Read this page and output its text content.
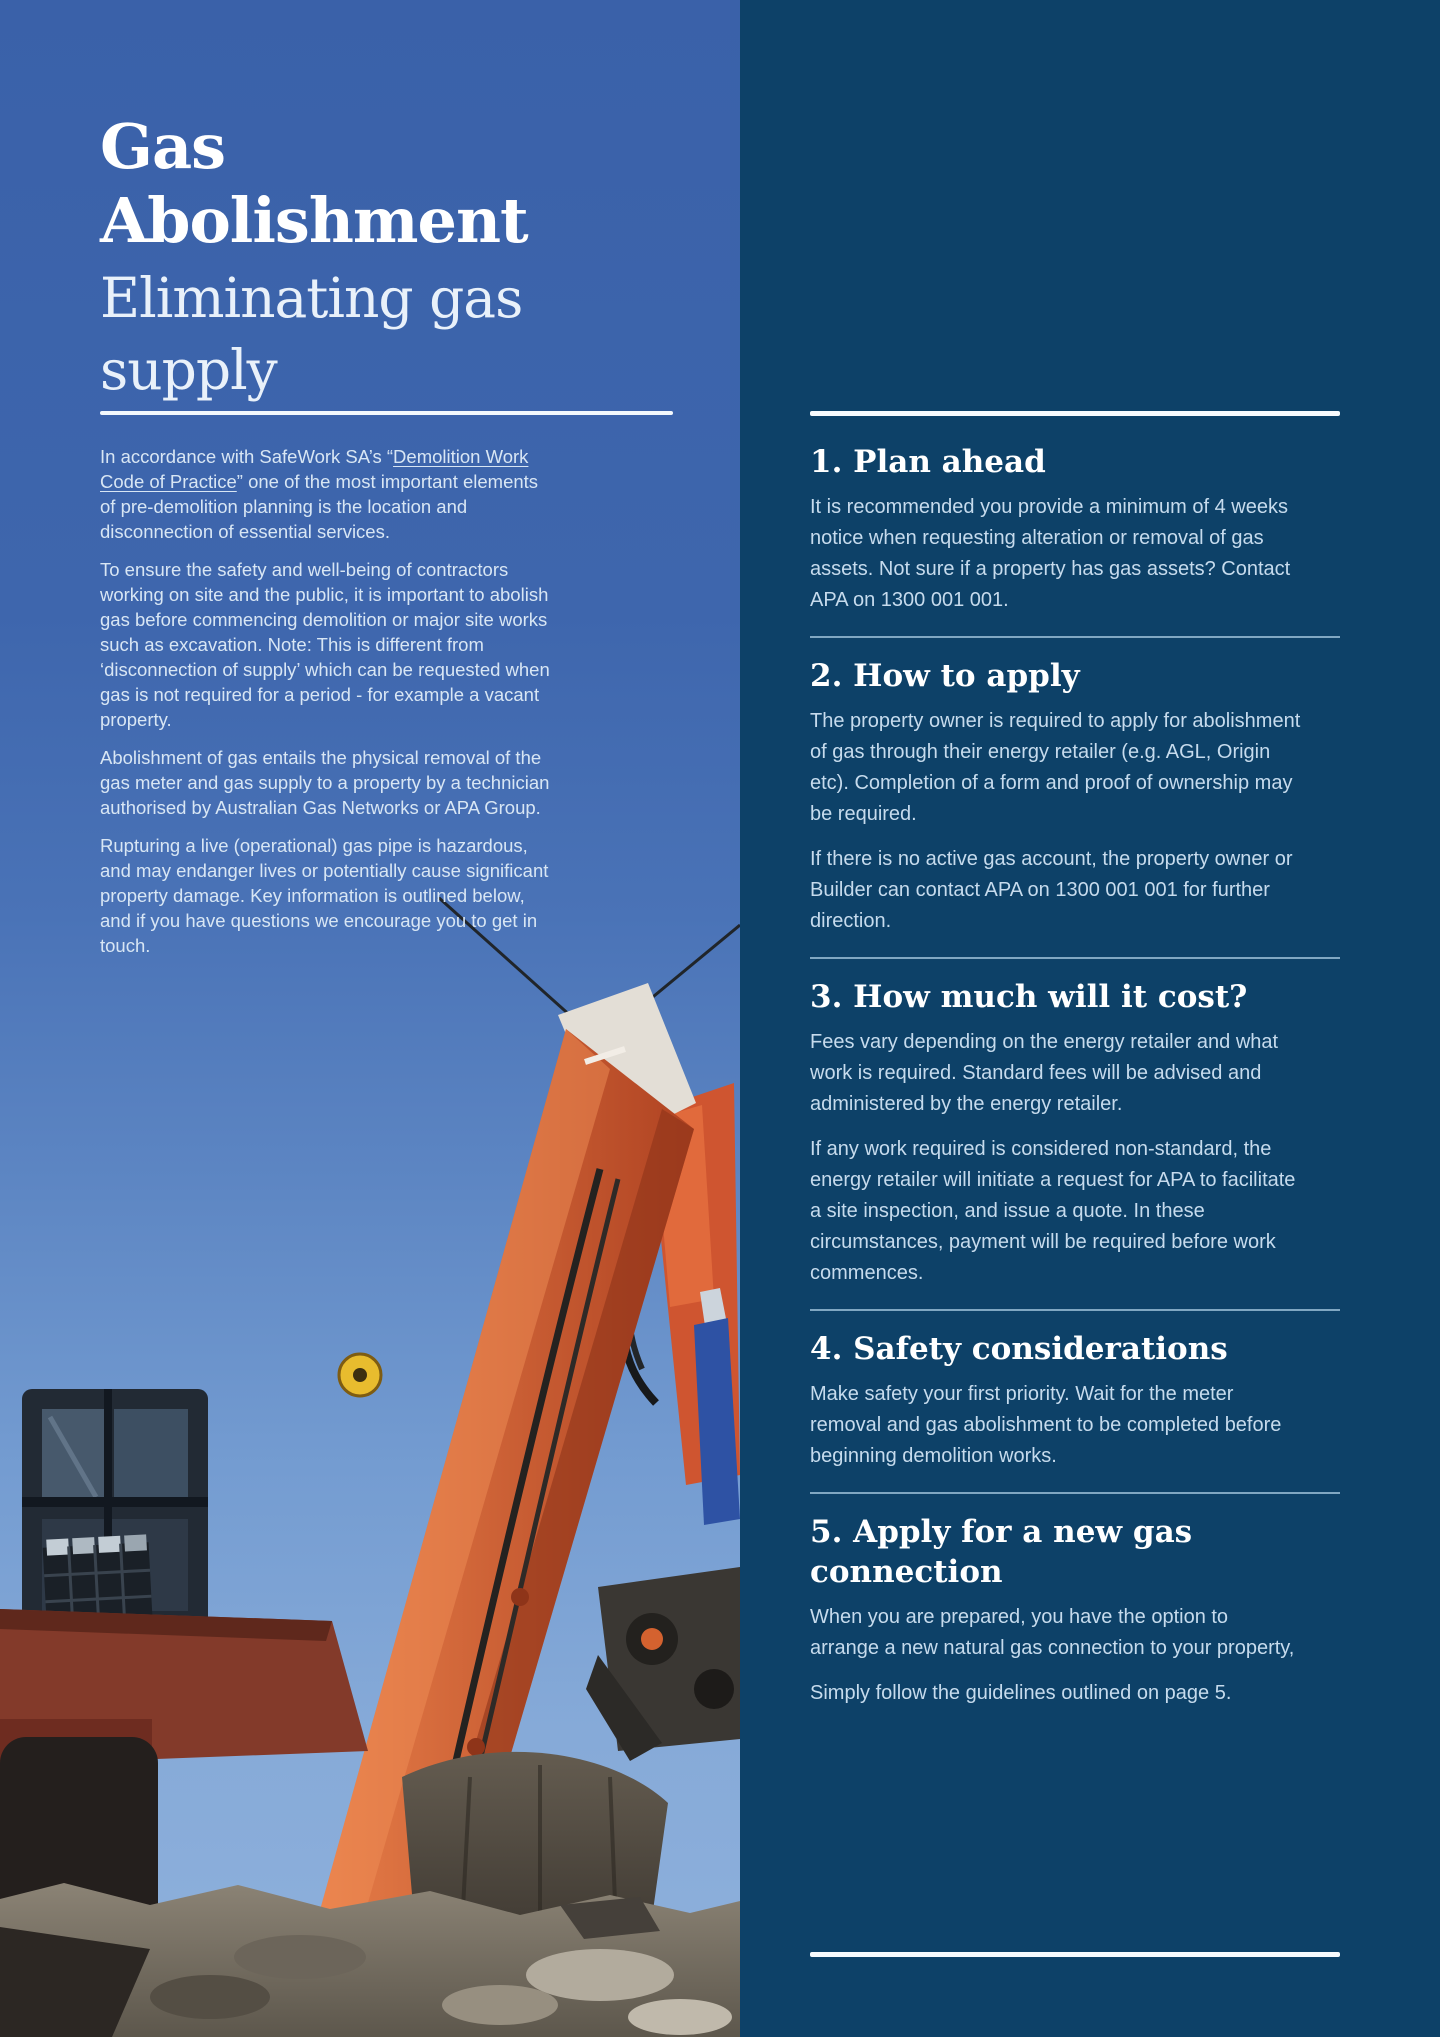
Gas Abolishment
Eliminating gas
supply

In accordance with SafeWork SA’s “Demolition Work Code of Practice” one of the most important elements of pre-demolition planning is the location and disconnection of essential services.

To ensure the safety and well-being of contractors working on site and the public, it is important to abolish gas before commencing demolition or major site works such as excavation. Note: This is different from ‘disconnection of supply’ which can be requested when gas is not required for a period - for example a vacant property.

Abolishment of gas entails the physical removal of the gas meter and gas supply to a property by a technician authorised by Australian Gas Networks or APA Group.

Rupturing a live (operational) gas pipe is hazardous, and may endanger lives or potentially cause significant property damage. Key information is outlined below, and if you have questions we encourage you to get in touch.

1. Plan ahead

It is recommended you provide a minimum of 4 weeks notice when requesting alteration or removal of gas assets. Not sure if a property has gas assets? Contact APA on 1300 001 001.

2. How to apply

The property owner is required to apply for abolishment of gas through their energy retailer (e.g. AGL, Origin etc). Completion of a form and proof of ownership may be required.

If there is no active gas account, the property owner or Builder can contact APA on 1300 001 001 for further direction.

3. How much will it cost?

Fees vary depending on the energy retailer and what work is required. Standard fees will be advised and administered by the energy retailer.

If any work required is considered non-standard, the energy retailer will initiate a request for APA to facilitate a site inspection, and issue a quote. In these circumstances, payment will be required before work commences.

4. Safety considerations

Make safety your first priority. Wait for the meter removal and gas abolishment to be completed before beginning demolition works.

5. Apply for a new gas connection

When you are prepared, you have the option to arrange a new natural gas connection to your property,

Simply follow the guidelines outlined on page 5.
